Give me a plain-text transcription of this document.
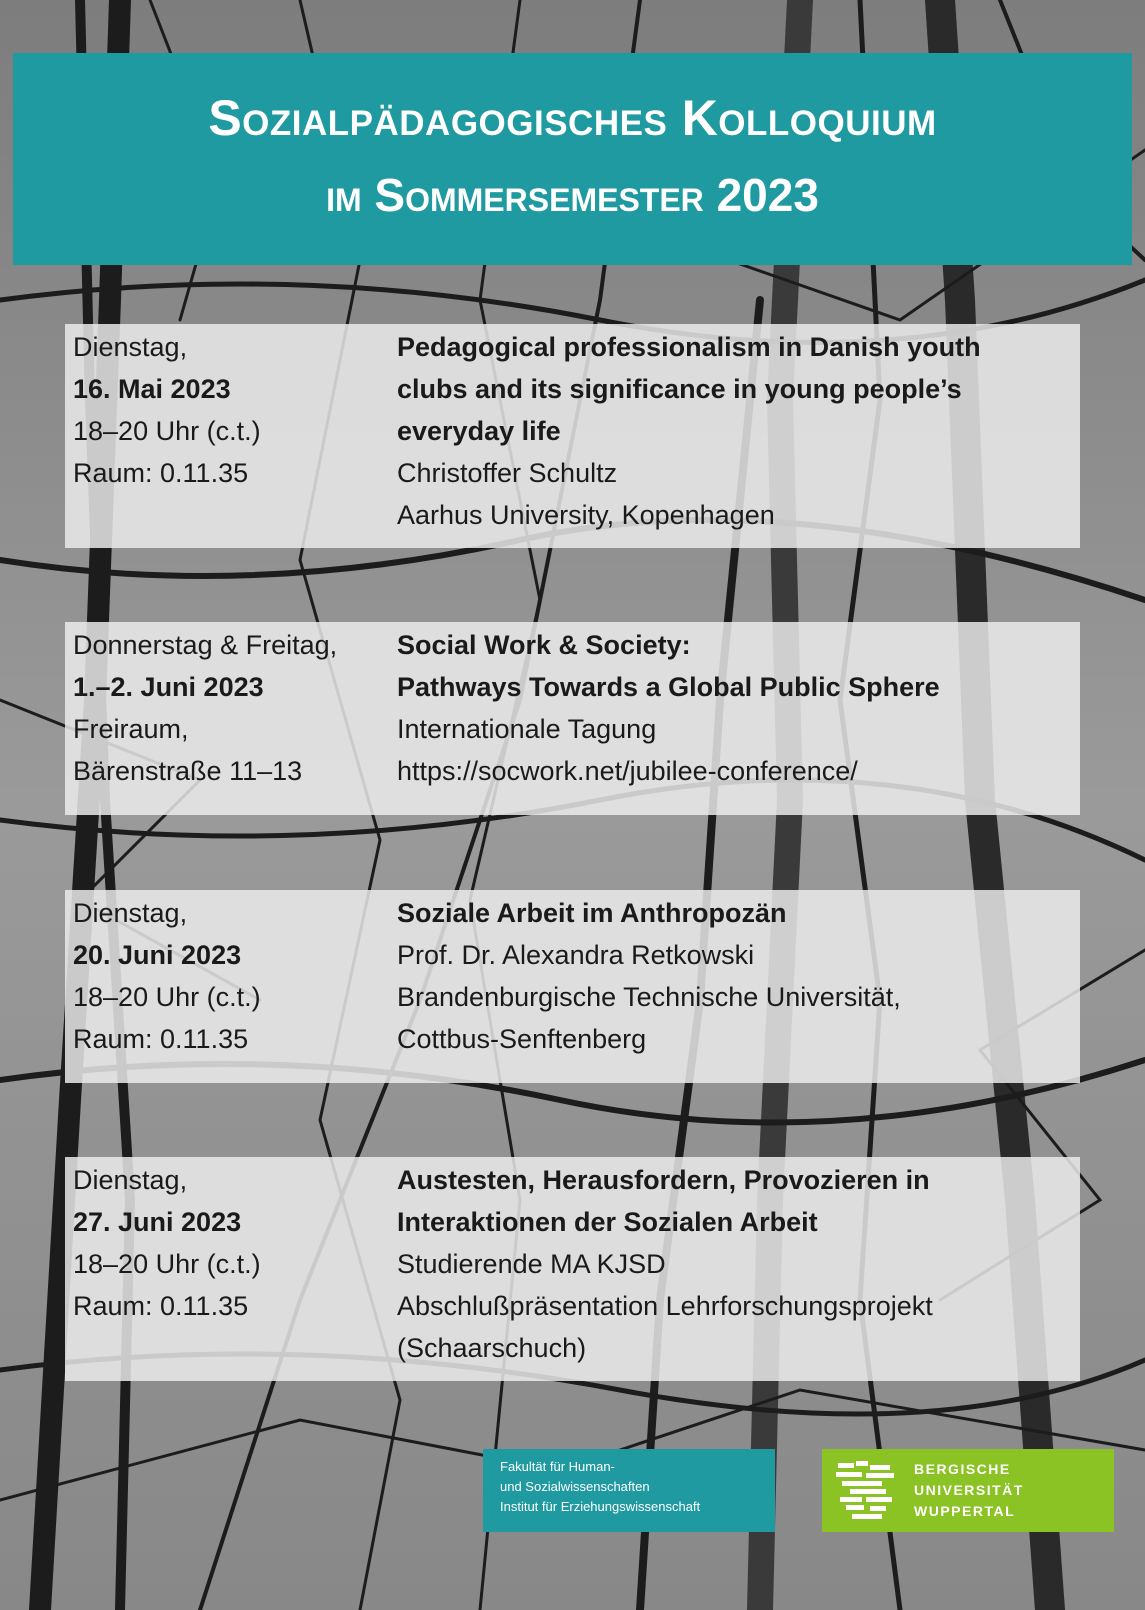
Sozialpädagogisches Kolloquium
im Sommersemester 2023
Dienstag,
16. Mai 2023
18–20 Uhr (c.t.)
Raum: 0.11.35
Pedagogical professionalism in Danish youth
clubs and its significance in young people’s
everyday life
Christoffer Schultz
Aarhus University, Kopenhagen
Donnerstag & Freitag,
1.–2. Juni 2023
Freiraum,
Bärenstraße 11–13
Social Work & Society:
Pathways Towards a Global Public Sphere
Internationale Tagung
https://socwork.net/jubilee-conference/
Dienstag,
20. Juni 2023
18–20 Uhr (c.t.)
Raum: 0.11.35
Soziale Arbeit im Anthropozän
Prof. Dr. Alexandra Retkowski
Brandenburgische Technische Universität,
Cottbus-Senftenberg
Dienstag,
27. Juni 2023
18–20 Uhr (c.t.)
Raum: 0.11.35
Austesten, Herausfordern, Provozieren in
Interaktionen der Sozialen Arbeit
Studierende MA KJSD
Abschlußpräsentation Lehrforschungsprojekt
(Schaarschuch)
Fakultät für Human-
und Sozialwissenschaften
Institut für Erziehungswissenschaft
BERGISCHE
UNIVERSITÄT
WUPPERTAL
